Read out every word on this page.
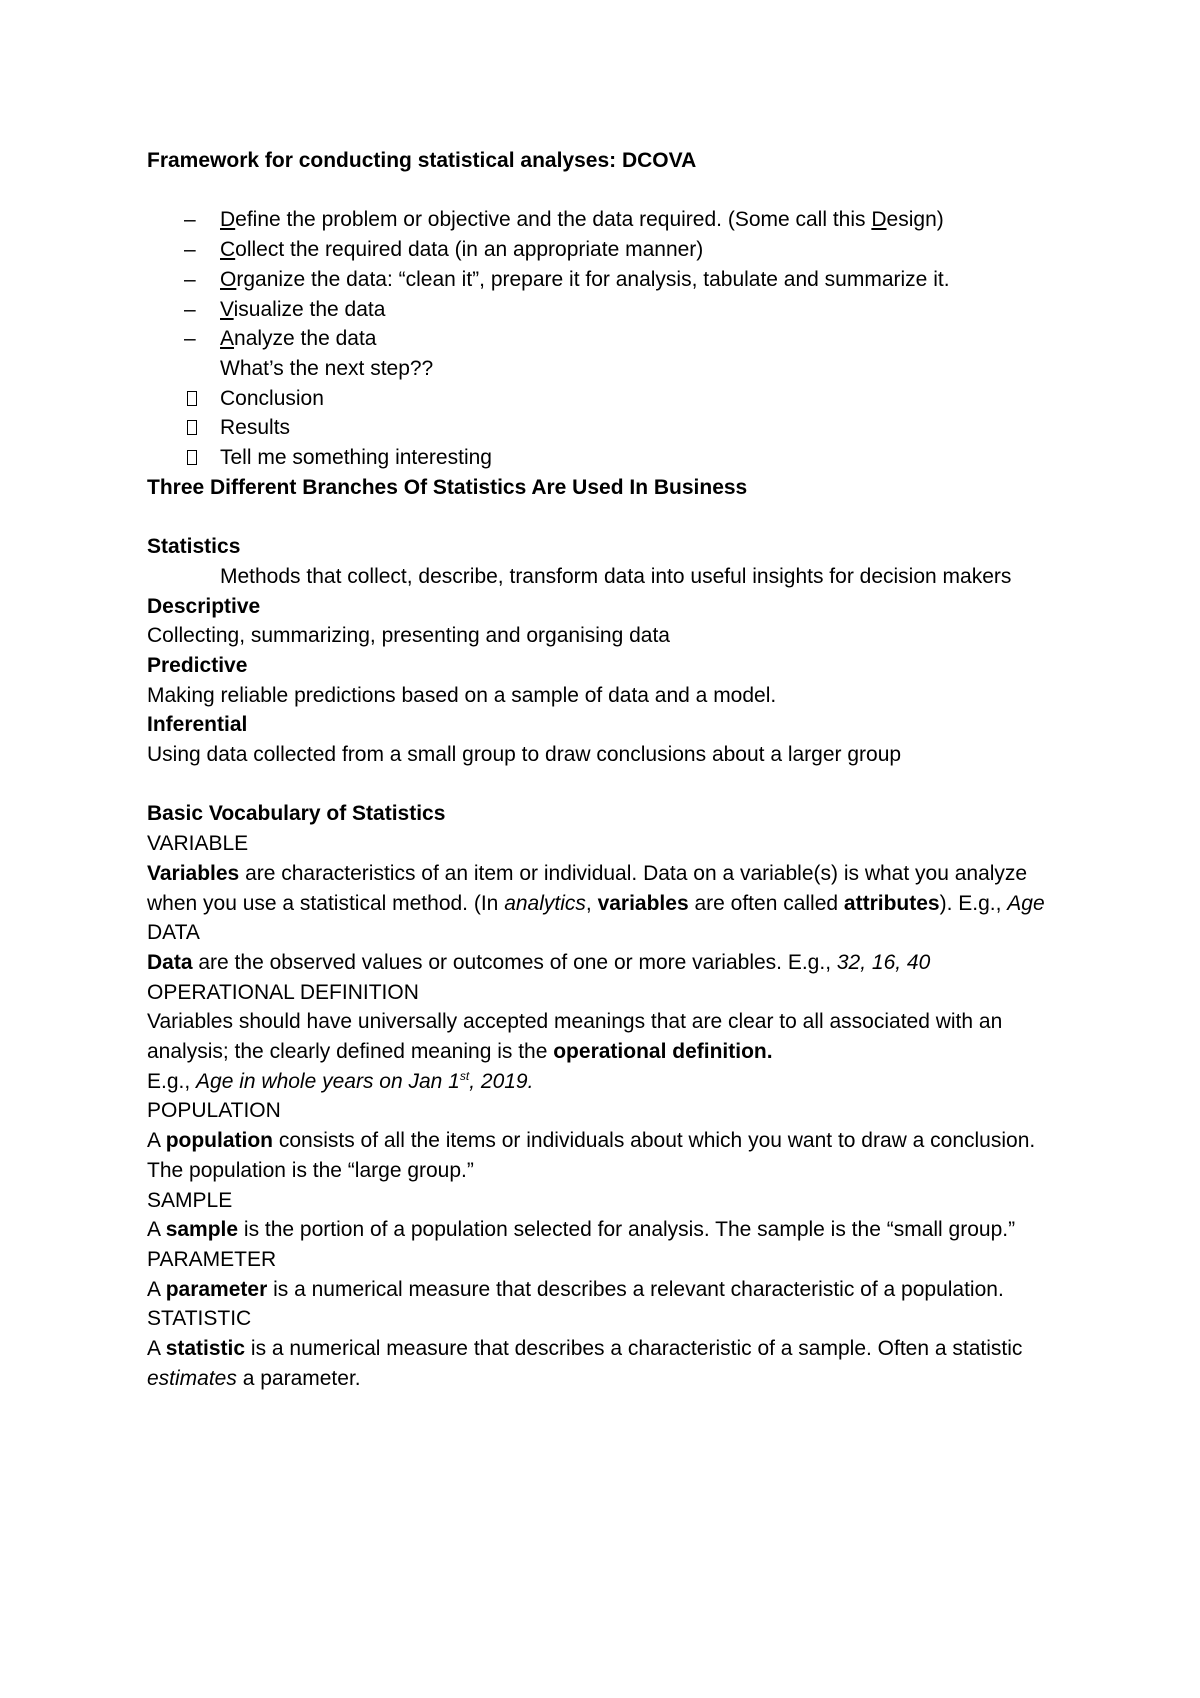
Framework for conducting statistical analyses: DCOVA
– Define the problem or objective and the data required. (Some call this Design)
– Collect the required data (in an appropriate manner)
– Organize the data: “clean it”, prepare it for analysis, tabulate and summarize it.
– Visualize the data
– Analyze the data
What’s the next step??
Conclusion
Results
Tell me something interesting
Three Different Branches Of Statistics Are Used In Business
Statistics
Methods that collect, describe, transform data into useful insights for decision makers
Descriptive
Collecting, summarizing, presenting and organising data
Predictive
Making reliable predictions based on a sample of data and a model.
Inferential
Using data collected from a small group to draw conclusions about a larger group
Basic Vocabulary of Statistics
VARIABLE
Variables are characteristics of an item or individual. Data on a variable(s) is what you analyze when you use a statistical method. (In analytics, variables are often called attributes). E.g., Age
DATA
Data are the observed values or outcomes of one or more variables. E.g., 32, 16, 40
OPERATIONAL DEFINITION
Variables should have universally accepted meanings that are clear to all associated with an analysis; the clearly defined meaning is the operational definition.
E.g., Age in whole years on Jan 1st, 2019.
POPULATION
A population consists of all the items or individuals about which you want to draw a conclusion. The population is the “large group.”
SAMPLE
A sample is the portion of a population selected for analysis. The sample is the “small group.”
PARAMETER
A parameter is a numerical measure that describes a relevant characteristic of a population.
STATISTIC
A statistic is a numerical measure that describes a characteristic of a sample. Often a statistic estimates a parameter.
